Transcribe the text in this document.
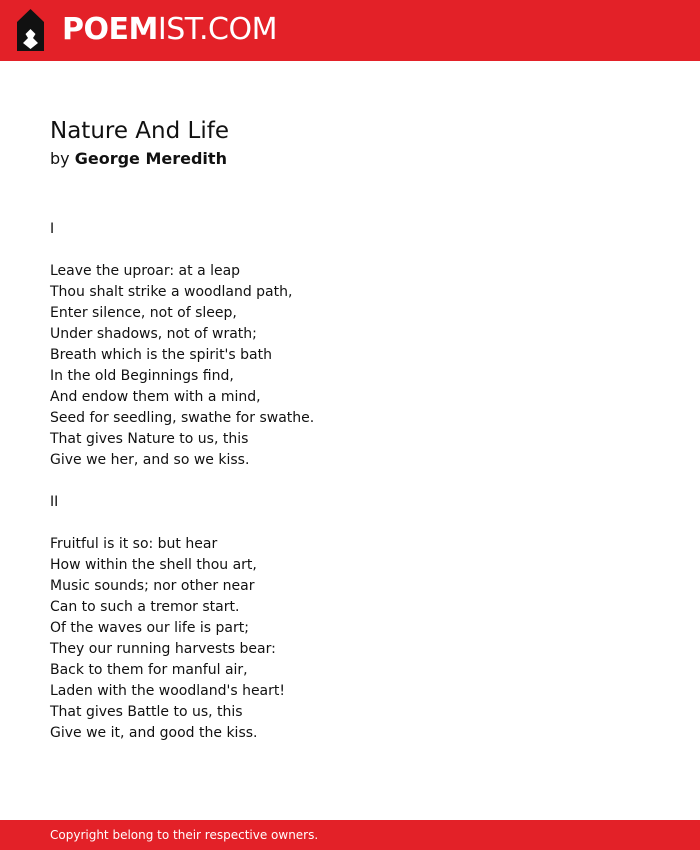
POEMIST.COM
Nature And Life
by George Meredith
I
Leave the uproar: at a leap
Thou shalt strike a woodland path,
Enter silence, not of sleep,
Under shadows, not of wrath;
Breath which is the spirit's bath
In the old Beginnings find,
And endow them with a mind,
Seed for seedling, swathe for swathe.
That gives Nature to us, this
Give we her, and so we kiss.
II
Fruitful is it so: but hear
How within the shell thou art,
Music sounds; nor other near
Can to such a tremor start.
Of the waves our life is part;
They our running harvests bear:
Back to them for manful air,
Laden with the woodland's heart!
That gives Battle to us, this
Give we it, and good the kiss.
Copyright belong to their respective owners.
